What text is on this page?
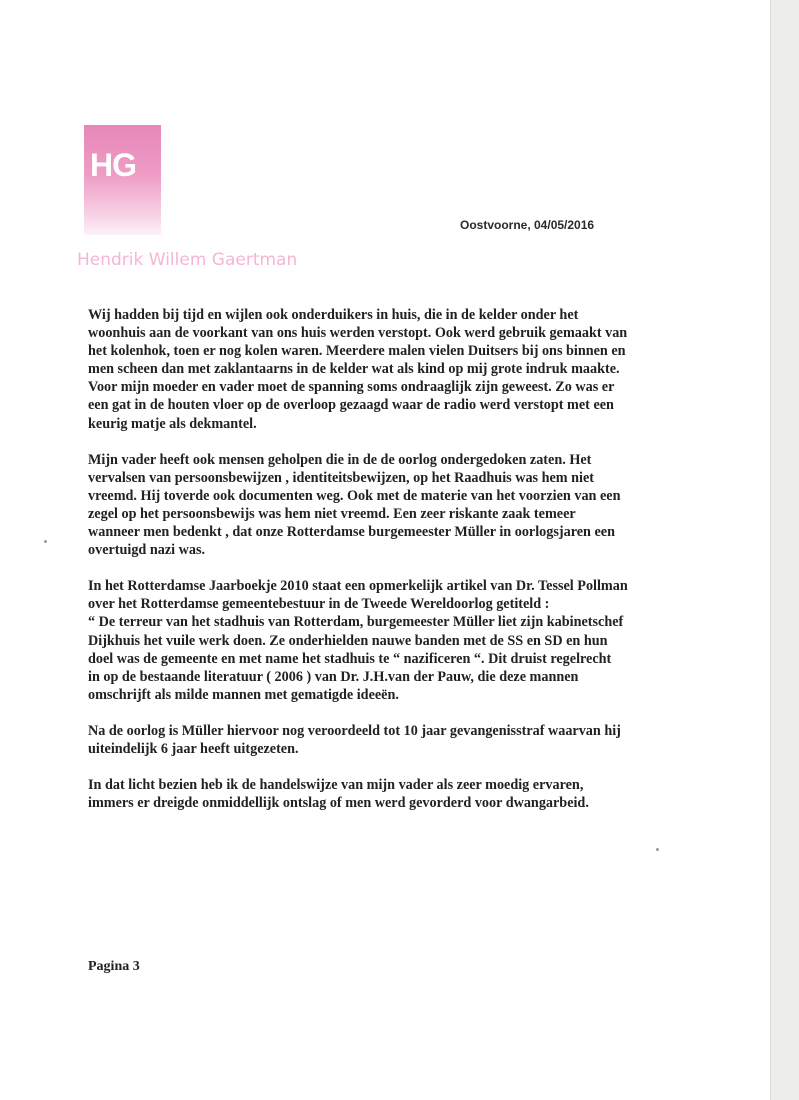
HG
Hendrik Willem Gaertman
Oostvoorne, 04/05/2016

Wij hadden bij tijd en wijlen ook onderduikers in huis, die in de kelder onder het
woonhuis aan de voorkant van ons huis werden verstopt. Ook werd gebruik gemaakt van
het kolenhok, toen er nog kolen waren. Meerdere malen vielen Duitsers bij ons binnen en
men scheen dan met zaklantaarns in de kelder wat als kind op mij grote indruk maakte.
Voor mijn moeder en vader moet de spanning soms ondraaglijk zijn geweest. Zo was er
een gat in de houten vloer op de overloop gezaagd waar de radio werd verstopt met een
keurig matje als dekmantel.

Mijn vader heeft ook mensen geholpen die in de de oorlog ondergedoken zaten. Het
vervalsen van persoonsbewijzen , identiteitsbewijzen, op het Raadhuis was hem niet
vreemd. Hij toverde ook documenten weg. Ook met de materie van het voorzien van een
zegel op het persoonsbewijs was hem niet vreemd. Een zeer riskante zaak temeer
wanneer men bedenkt , dat onze Rotterdamse burgemeester Müller in oorlogsjaren een
overtuigd nazi was.

In het Rotterdamse Jaarboekje 2010 staat een opmerkelijk artikel van Dr. Tessel Pollman
over het Rotterdamse gemeentebestuur in de Tweede Wereldoorlog getiteld :
“ De terreur van het stadhuis van Rotterdam, burgemeester Müller liet zijn kabinetschef
Dijkhuis het vuile werk doen. Ze onderhielden nauwe banden met de SS en SD en hun
doel was de gemeente en met name het stadhuis te “ nazificeren “. Dit druist regelrecht
in op de bestaande literatuur ( 2006 ) van Dr. J.H.van der Pauw, die deze mannen
omschrijft als milde mannen met gematigde ideeën.

Na de oorlog is Müller hiervoor nog veroordeeld tot 10 jaar gevangenisstraf waarvan hij
uiteindelijk 6 jaar heeft uitgezeten.

In dat licht bezien heb ik de handelswijze van mijn vader als zeer moedig ervaren,
immers er dreigde onmiddellijk ontslag of men werd gevorderd voor dwangarbeid.

Pagina 3
